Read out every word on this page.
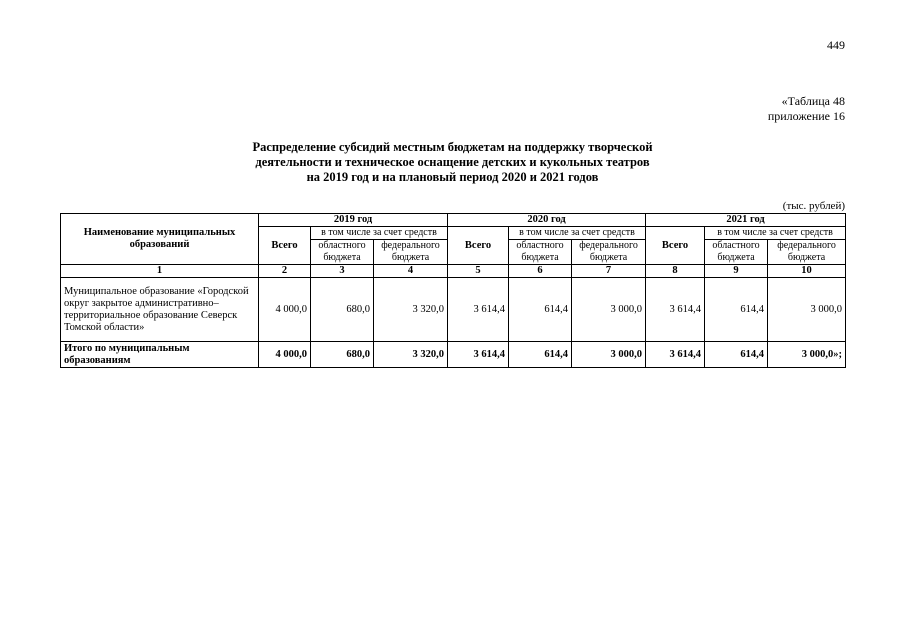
449
«Таблица 48
приложение 16
Распределение субсидий местным бюджетам на поддержку творческой
деятельности и техническое оснащение детских и кукольных театров
на 2019 год и на плановый период 2020 и 2021 годов
(тыс. рублей)
Наименование муниципальных образований	2019 год			2020 год			2021 год		
	Всего	в том числе за счет средств		Всего	в том числе за счет средств		Всего	в том числе за счет средств	
		областного бюджета	федерального бюджета		областного бюджета	федерального бюджета		областного бюджета	федерального бюджета
1	2	3	4	5	6	7	8	9	10
Муниципальное образование «Городской округ закрытое административно–территориальное образование Северск Томской области»	4 000,0	680,0	3 320,0	3 614,4	614,4	3 000,0	3 614,4	614,4	3 000,0
Итого по муниципальным образованиям	4 000,0	680,0	3 320,0	3 614,4	614,4	3 000,0	3 614,4	614,4	3 000,0»;
